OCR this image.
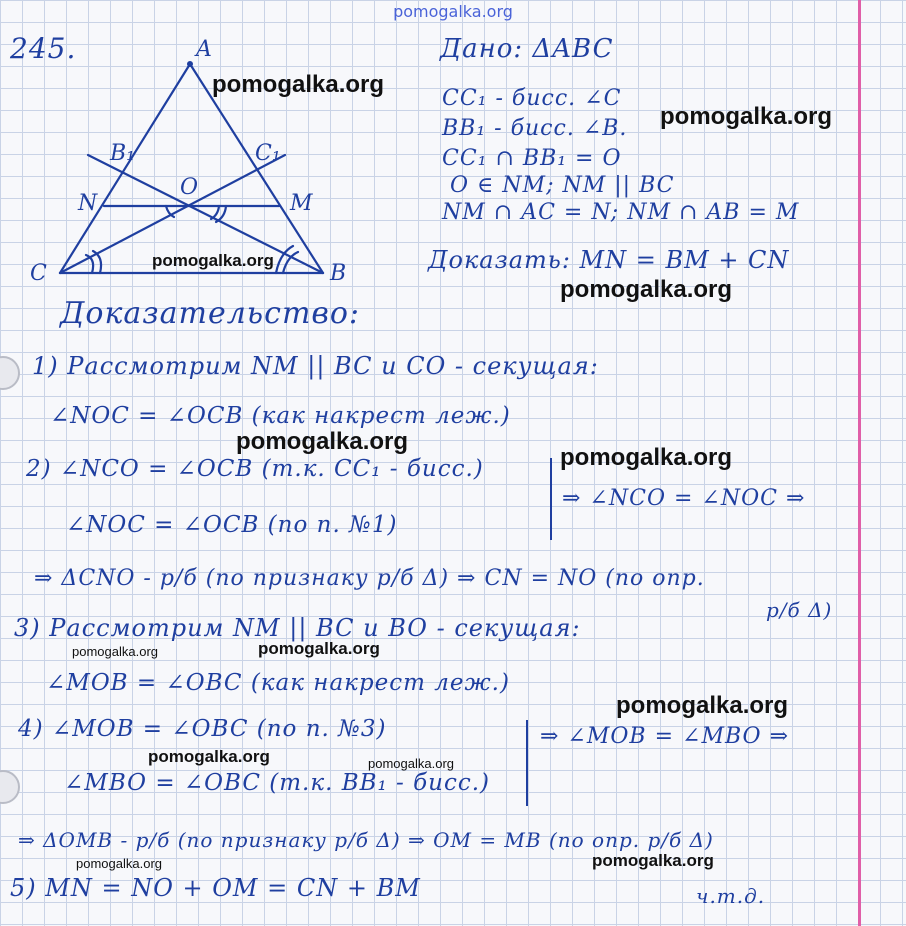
pomogalka.org
245.	A
B
C
B₁	C₁
N
O
M
Дано: ΔABC
CC₁ - бисс. ∠C
BB₁ - бисс. ∠B.
CC₁ ∩ BB₁ = O
O ∈ NM; NM || BC
NM ∩ AC = N; NM ∩ AB = M
Доказать: MN = BM + CN
Доказательство:
1) Рассмотрим NM || BC и CO - секущая:
∠NOC = ∠OCB (как накрест леж.)
2) ∠NCO = ∠OCB (т.к. CC₁ - бисс.)
∠NOC = ∠OCB (по п. №1)
⇒ ∠NCO = ∠NOC ⇒
⇒ ΔCNO - р/б (по признаку р/б Δ) ⇒ CN = NO (по опр.
р/б Δ)
3) Рассмотрим NM || BC и BO - секущая:
∠MOB = ∠OBC (как накрест леж.)
4) ∠MOB = ∠OBC (по п. №3)
∠MBO = ∠OBC (т.к. BB₁ - бисс.)
⇒ ∠MOB = ∠MBO ⇒
⇒ ΔOMB - р/б (по признаку р/б Δ) ⇒ OM = MB (по опр. р/б Δ)
5) MN = NO + OM = CN + BM	ч.т.д.
pomogalka.org
pomogalka.org
pomogalka.org
pomogalka.org
pomogalka.org
pomogalka.org
pomogalka.org	pomogalka.org
pomogalka.org
pomogalka.org	pomogalka.org
pomogalka.org	pomogalka.org
